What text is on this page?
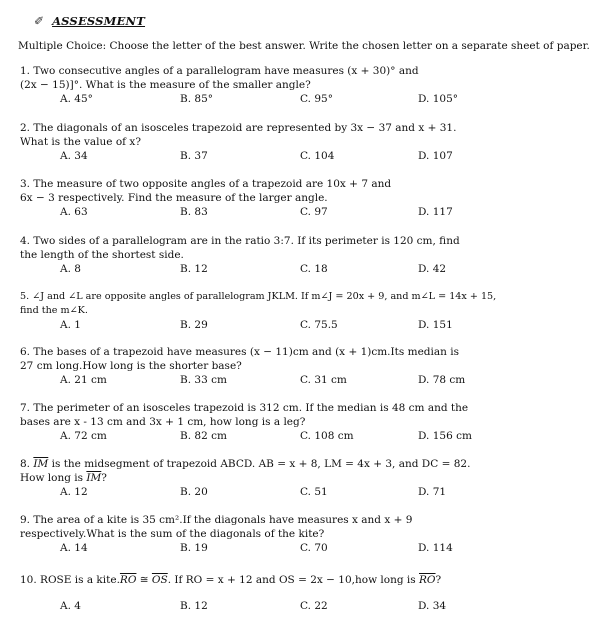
✐ ASSESSMENT
Multiple Choice: Choose the letter of the best answer. Write the chosen letter on a separate sheet of paper.
1. Two consecutive angles of a parallelogram have measures (x + 30)° and
(2x − 15)]°. What is the measure of the smaller angle?
A. 45°	B. 85°	C. 95°	D. 105°
2. The diagonals of an isosceles trapezoid are represented by 3x − 37 and x + 31.
What is the value of x?
A. 34	B. 37	C. 104	D. 107
3. The measure of two opposite angles of a trapezoid are 10x + 7 and
6x − 3 respectively. Find the measure of the larger angle.
A. 63	B. 83	C. 97	D. 117
4. Two sides of a parallelogram are in the ratio 3:7. If its perimeter is 120 cm, find
the length of the shortest side.
A. 8	B. 12	C. 18	D. 42
5. ∠J and ∠L are opposite angles of parallelogram JKLM. If m∠J = 20x + 9, and m∠L = 14x + 15,
find the m∠K.
A. 1	B. 29	C. 75.5	D. 151
6. The bases of a trapezoid have measures (x − 11)cm and (x + 1)cm.Its median is
27 cm long.How long is the shorter base?
A. 21 cm	B. 33 cm	C. 31 cm	D. 78 cm
7. The perimeter of an isosceles trapezoid is 312 cm. If the median is 48 cm and the
bases are x - 13 cm and 3x + 1 cm, how long is a leg?
A. 72 cm	B. 82 cm	C. 108 cm	D. 156 cm
8. $\overline{IM}$ is the midsegment of trapezoid ABCD. AB = x + 8, LM = 4x + 3, and DC = 82.
How long is $\overline{IM}$?
A. 12	B. 20	C. 51	D. 71
9. The area of a kite is 35 cm².If the diagonals have measures x and x + 9
respectively.What is the sum of the diagonals of the kite?
A. 14	B. 19	C. 70	D. 114
10. ROSE is a $kite.\overline{RO}$ ≅ $\overline{OS}$. If RO = x + 12 and OS = 2x − 10,how long is $\overline{RO}$?
A. 4	B. 12	C. 22	D. 34
